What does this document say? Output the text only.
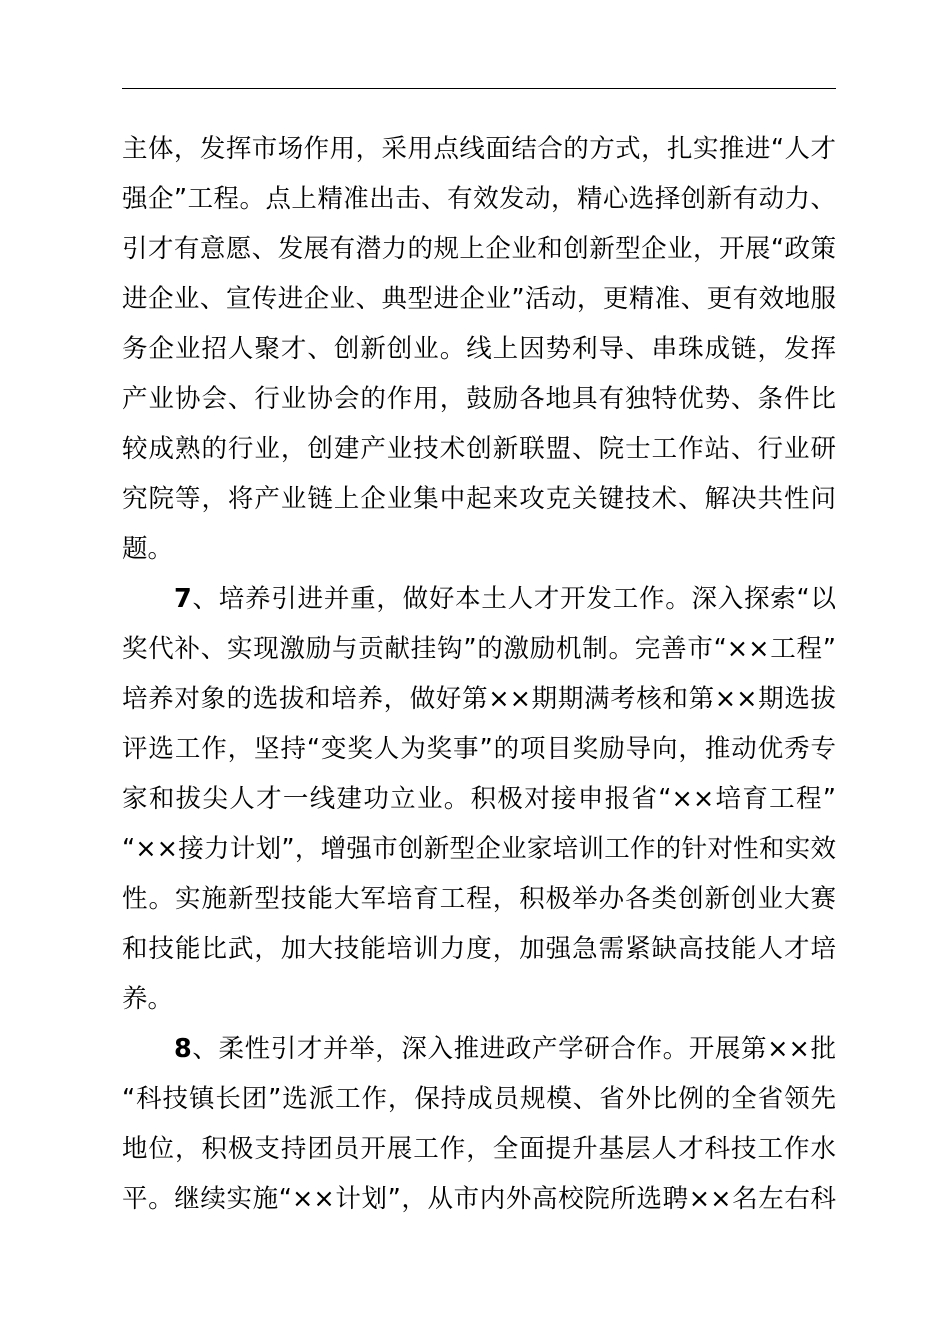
主体，发挥市场作用，采用点线面结合的方式，扎实推进“人才
强企”工程。点上精准出击、有效发动，精心选择创新有动力、
引才有意愿、发展有潜力的规上企业和创新型企业，开展“政策
进企业、宣传进企业、典型进企业”活动，更精准、更有效地服
务企业招人聚才、创新创业。线上因势利导、串珠成链，发挥
产业协会、行业协会的作用，鼓励各地具有独特优势、条件比
较成熟的行业，创建产业技术创新联盟、院士工作站、行业研
究院等，将产业链上企业集中起来攻克关键技术、解决共性问
题。
7、培养引进并重，做好本土人才开发工作。深入探索“以
奖代补、实现激励与贡献挂钩”的激励机制。完善市“××工程”
培养对象的选拔和培养，做好第××期期满考核和第××期选拔
评选工作，坚持“变奖人为奖事”的项目奖励导向，推动优秀专
家和拔尖人才一线建功立业。积极对接申报省“××培育工程”
“××接力计划”，增强市创新型企业家培训工作的针对性和实效
性。实施新型技能大军培育工程，积极举办各类创新创业大赛
和技能比武，加大技能培训力度，加强急需紧缺高技能人才培
养。
8、柔性引才并举，深入推进政产学研合作。开展第××批
“科技镇长团”选派工作，保持成员规模、省外比例的全省领先
地位，积极支持团员开展工作，全面提升基层人才科技工作水
平。继续实施“××计划”，从市内外高校院所选聘××名左右科
